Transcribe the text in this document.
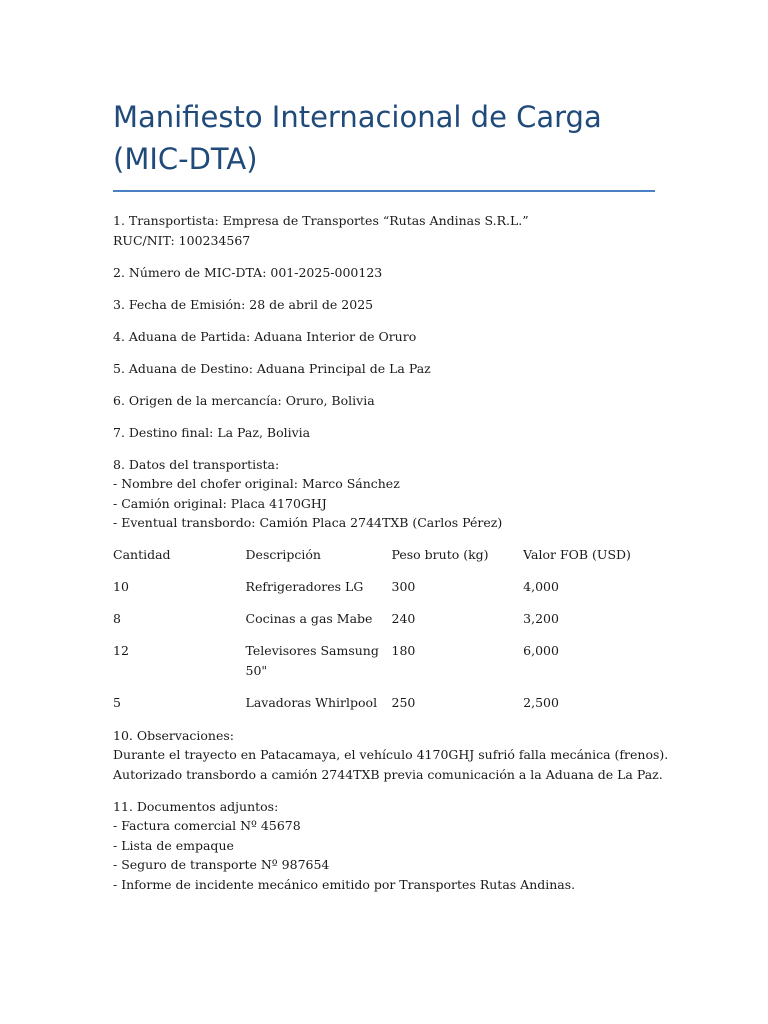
Manifiesto Internacional de Carga (MIC-DTA)

1. Transportista: Empresa de Transportes “Rutas Andinas S.R.L.”
RUC/NIT: 100234567

2. Número de MIC-DTA: 001-2025-000123

3. Fecha de Emisión: 28 de abril de 2025

4. Aduana de Partida: Aduana Interior de Oruro

5. Aduana de Destino: Aduana Principal de La Paz

6. Origen de la mercancía: Oruro, Bolivia

7. Destino final: La Paz, Bolivia

8. Datos del transportista:
- Nombre del chofer original: Marco Sánchez
- Camión original: Placa 4170GHJ
- Eventual transbordo: Camión Placa 2744TXB (Carlos Pérez)

Cantidad	Descripción	Peso bruto (kg)	Valor FOB (USD)
10	Refrigeradores LG	300	4,000
8	Cocinas a gas Mabe	240	3,200
12	Televisores Samsung 50"	180	6,000
5	Lavadoras Whirlpool	250	2,500

10. Observaciones:
Durante el trayecto en Patacamaya, el vehículo 4170GHJ sufrió falla mecánica (frenos).
Autorizado transbordo a camión 2744TXB previa comunicación a la Aduana de La Paz.

11. Documentos adjuntos:
- Factura comercial Nº 45678
- Lista de empaque
- Seguro de transporte Nº 987654
- Informe de incidente mecánico emitido por Transportes Rutas Andinas.
